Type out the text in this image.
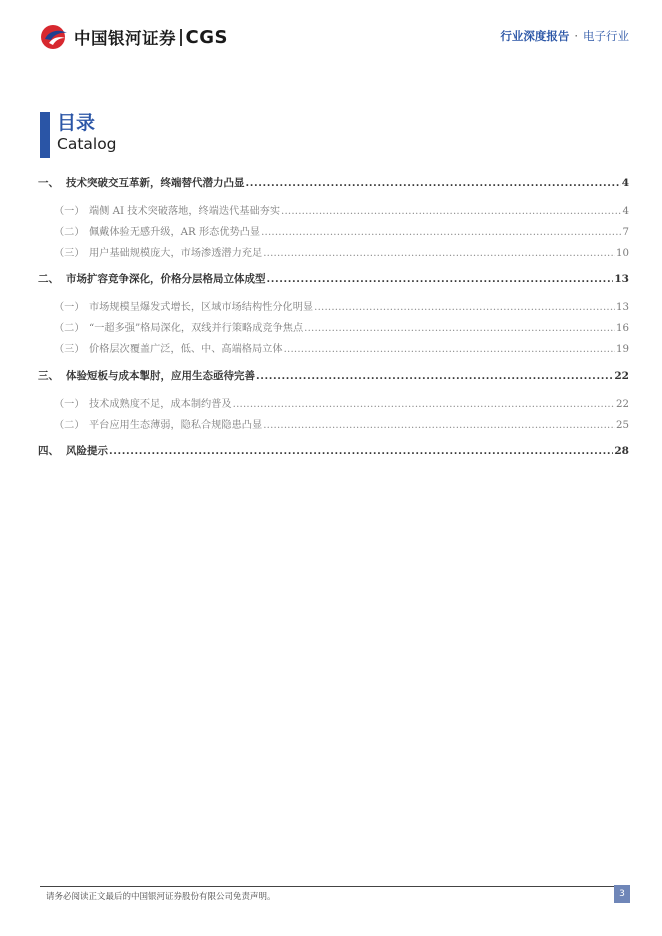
中国银河证券 CGS	行业深度报告 · 电子行业
目录
Catalog
一、 技术突破交互革新，终端替代潜力凸显 .....	4
（一） 端侧 AI 技术突破落地，终端迭代基础夯实 .....	4
（二） 佩戴体验无感升级，AR 形态优势凸显 .....	7
（三） 用户基础规模庞大，市场渗透潜力充足 .....	10
二、 市场扩容竞争深化，价格分层格局立体成型 .....	13
（一） 市场规模呈爆发式增长，区域市场结构性分化明显 .....	13
（二） “一超多强”格局深化，双线并行策略成竞争焦点 .....	16
（三） 价格层次覆盖广泛，低、中、高端格局立体 .....	19
三、 体验短板与成本掣肘，应用生态亟待完善 .....	22
（一） 技术成熟度不足，成本制约普及 .....	22
（二） 平台应用生态薄弱，隐私合规隐患凸显 .....	25
四、 风险提示 .....	28
请务必阅读正文最后的中国银河证券股份有限公司免责声明。	3
